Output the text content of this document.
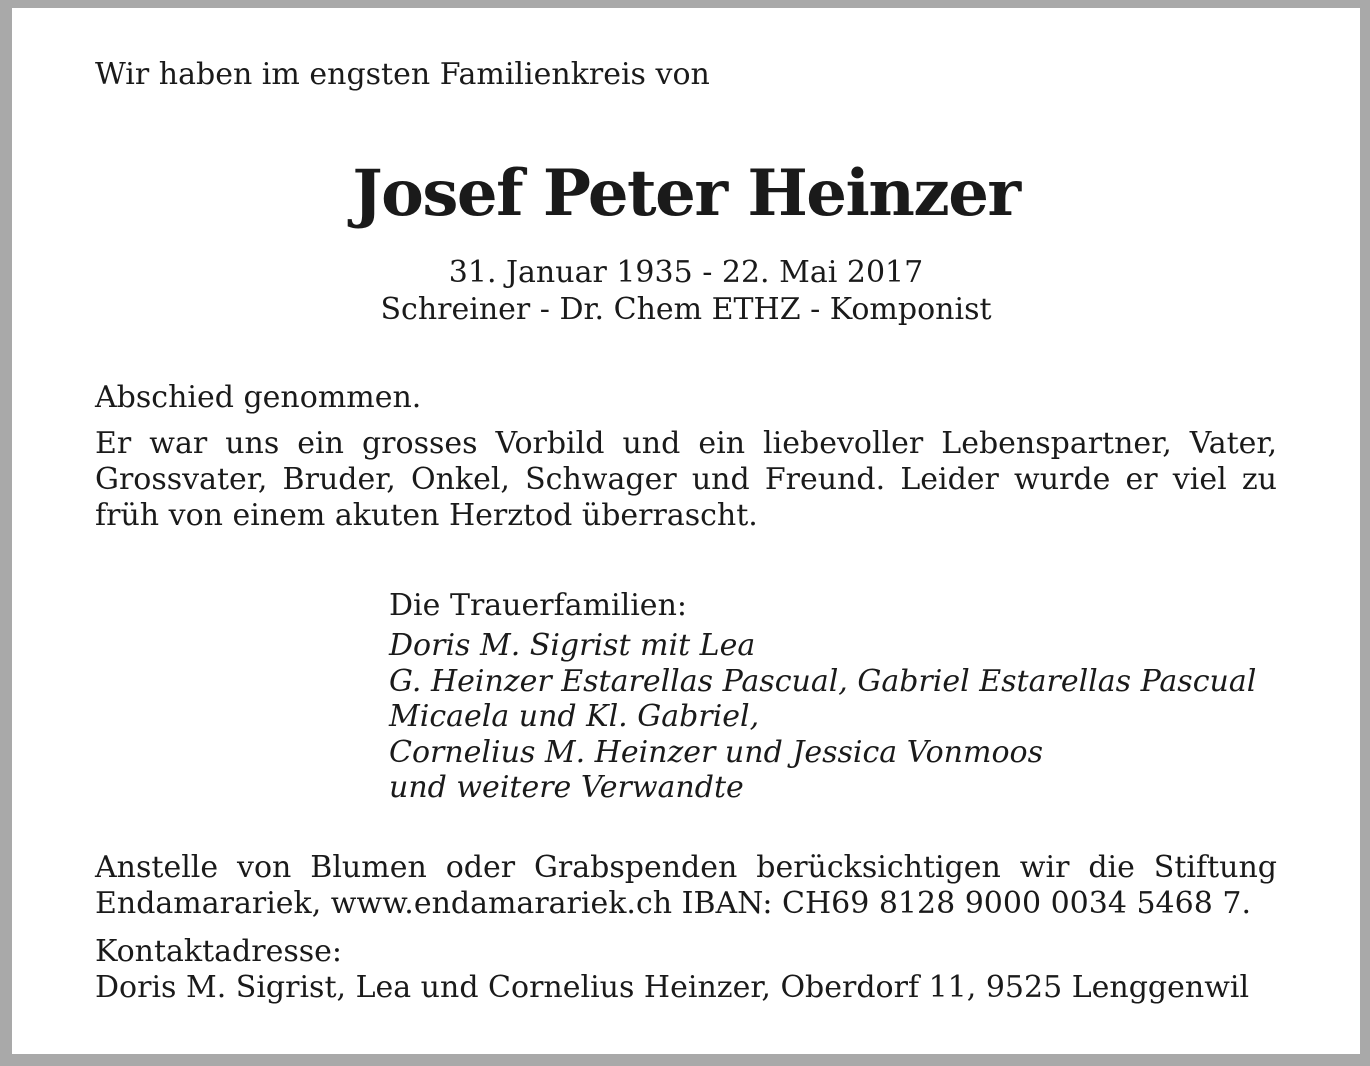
Wir haben im engsten Familienkreis von
Josef Peter Heinzer
31. Januar 1935 - 22. Mai 2017
Schreiner - Dr. Chem ETHZ - Komponist
Abschied genommen.
Er war uns ein grosses Vorbild und ein liebevoller Lebenspartner, Vater, Grossvater, Bruder, Onkel, Schwager und Freund. Leider wurde er viel zu früh von einem akuten Herztod überrascht.
Die Trauerfamilien:
Doris M. Sigrist mit Lea
G. Heinzer Estarellas Pascual, Gabriel Estarellas Pascual
Micaela und Kl. Gabriel,
Cornelius M. Heinzer und Jessica Vonmoos
und weitere Verwandte
Anstelle von Blumen oder Grabspenden berücksichtigen wir die Stiftung Endamarariek, www.endamarariek.ch IBAN: CH69 8128 9000 0034 5468 7.
Kontaktadresse:
Doris M. Sigrist, Lea und Cornelius Heinzer, Oberdorf 11, 9525 Lenggenwil
